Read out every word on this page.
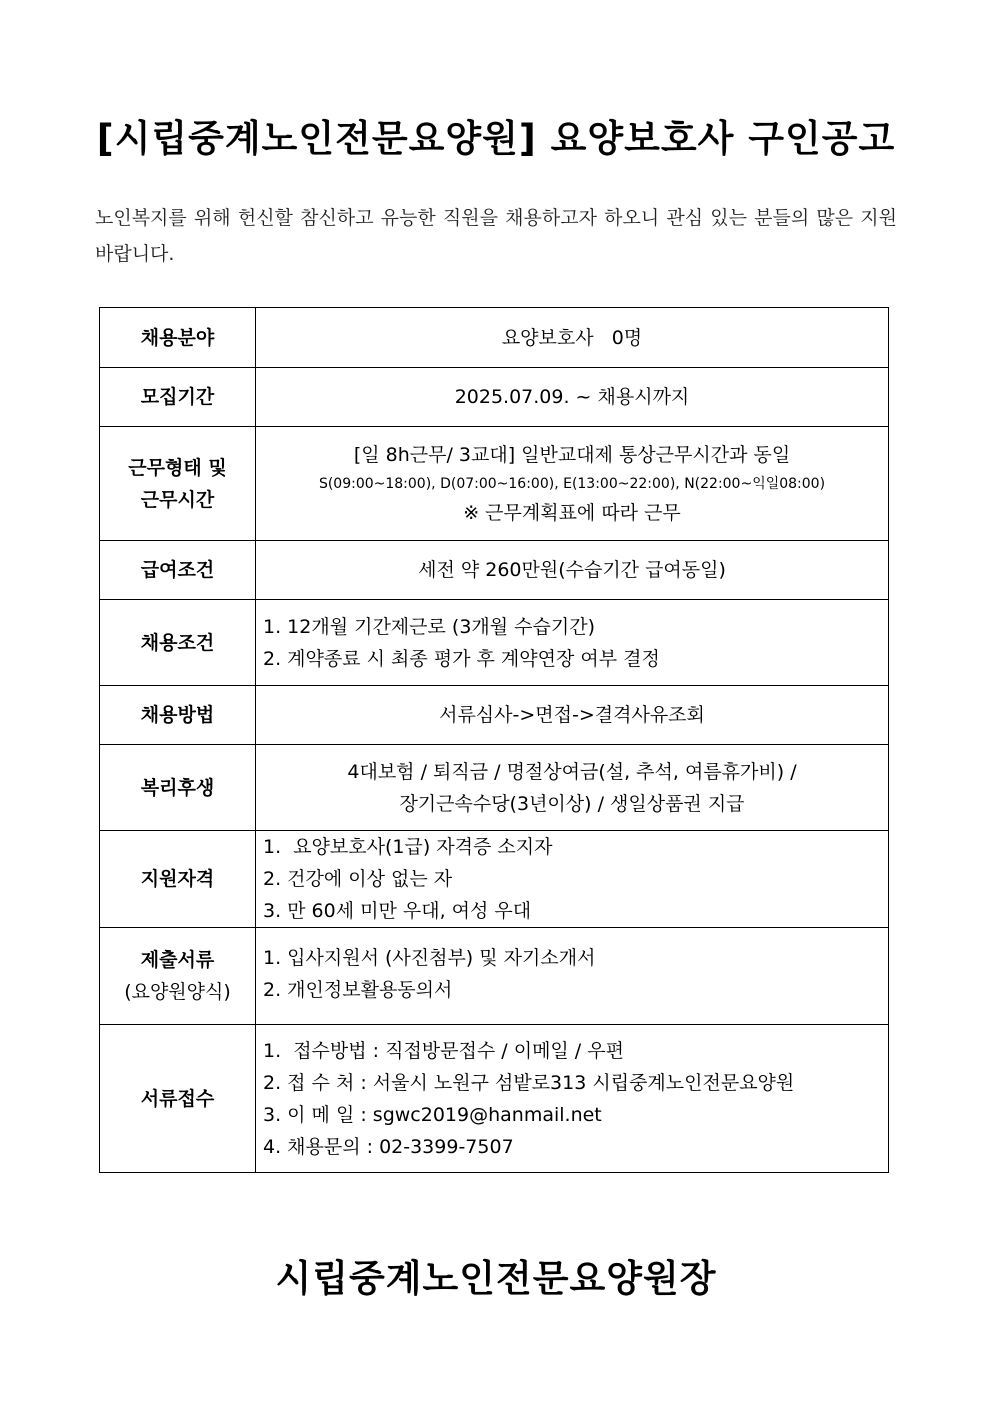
[시립중계노인전문요양원] 요양보호사 구인공고
노인복지를 위해 헌신할 참신하고 유능한 직원을 채용하고자 하오니 관심 있는 분들의 많은 지원 바랍니다.
채용분야	요양보호사   0명
모집기간	2025.07.09. ~ 채용시까지

근무형태 및
근무시간	[일 8h근무/ 3교대] 일반교대제 통상근무시간과 동일
S(09:00~18:00), D(07:00~16:00), E(13:00~22:00), N(22:00~익일08:00)
※ 근무계획표에 따라 근무

급여조건	세전 약 260만원(수습기간 급여동일)
채용조건	1. 12개월 기간제근로 (3개월 수습기간)
2. 계약종료 시 최종 평가 후 계약연장 여부 결정

채용방법	서류심사->면접->결격사유조회
복리후생	4대보험 / 퇴직금 / 명절상여금(설, 추석, 여름휴가비) /
장기근속수당(3년이상) / 생일상품권 지급

지원자격	1.  요양보호사(1급) 자격증 소지자
2. 건강에 이상 없는 자
3. 만 60세 미만 우대, 여성 우대

제출서류
(요양원양식)	1. 입사지원서 (사진첨부) 및 자기소개서
2. 개인정보활용동의서

서류접수	1.  접수방법 : 직접방문접수 / 이메일 / 우편
2. 접 수 처 : 서울시 노원구 섬밭로313 시립중계노인전문요양원
3. 이 메 일 : sgwc2019@hanmail.net
4. 채용문의 : 02-3399-7507
시립중계노인전문요양원장
